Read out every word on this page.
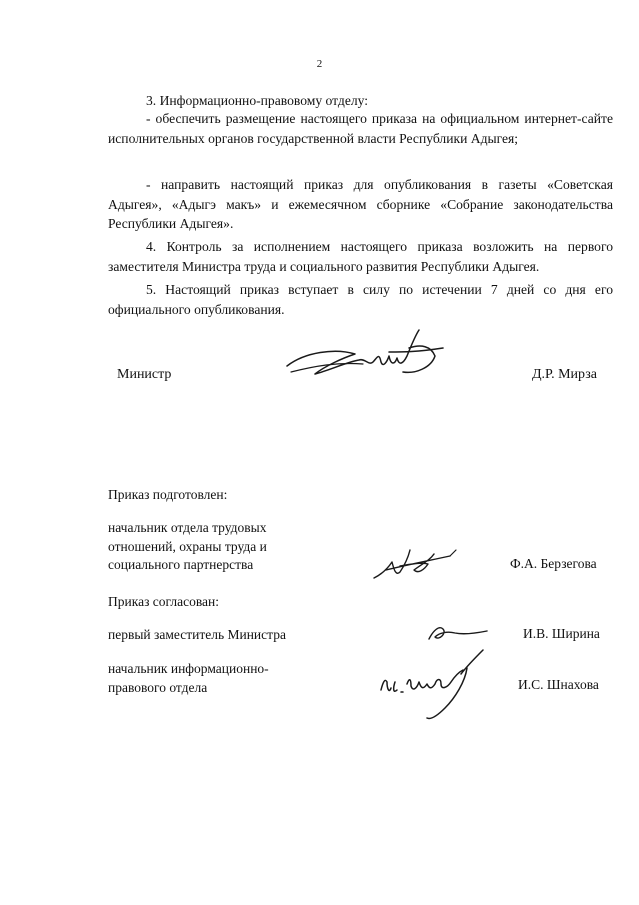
2

3. Информационно-правовому отделу:

- обеспечить размещение настоящего приказа на официальном интернет-сайте исполнительных органов государственной власти Республики Адыгея;

- направить настоящий приказ для опубликования в газеты «Советская Адыгея», «Адыгэ макъ» и ежемесячном сборнике «Собрание законодательства Республики Адыгея».

4. Контроль за исполнением настоящего приказа возложить на первого заместителя Министра труда и социального развития Республики Адыгея.

5. Настоящий приказ вступает в силу по истечении 7 дней со дня его официального опубликования.

Министр	Д.Р. Мирза
Приказ подготовлен:
начальник отдела трудовых
отношений, охраны труда и
социального партнерства	Ф.А. Берзегова
Приказ согласован:
первый заместитель Министра	И.В. Ширина
начальник информационно-
правового отдела	И.С. Шнахова
